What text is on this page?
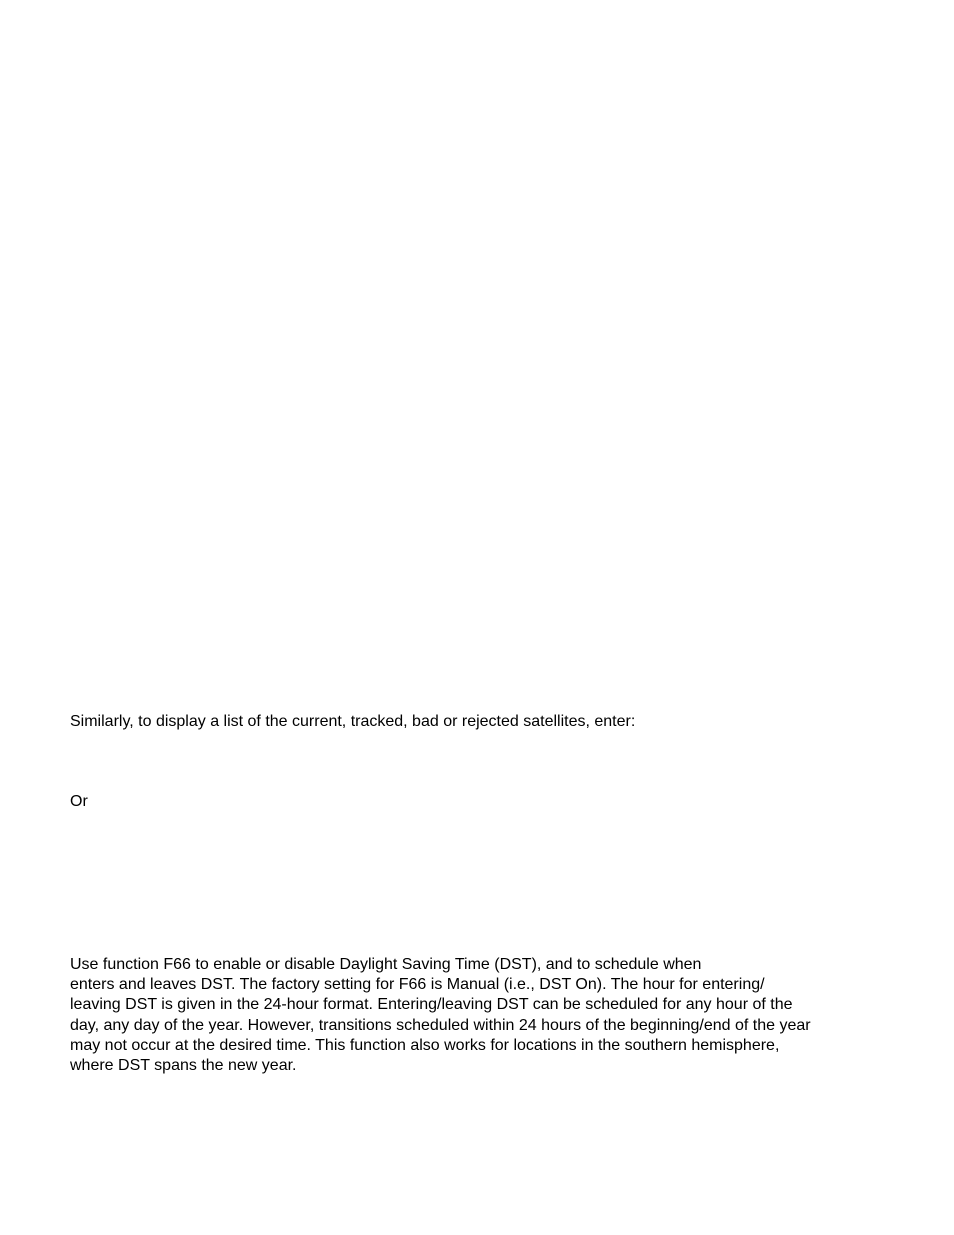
Similarly, to display a list of the current, tracked, bad or rejected satellites, enter:
Or
Use function F66 to enable or disable Daylight Saving Time (DST), and to schedule when
enters and leaves DST. The factory setting for F66 is Manual (i.e., DST On). The hour for entering/
leaving DST is given in the 24-hour format. Entering/leaving DST can be scheduled for any hour of the
day, any day of the year. However, transitions scheduled within 24 hours of the beginning/end of the year
may not occur at the desired time. This function also works for locations in the southern hemisphere,
where DST spans the new year.
